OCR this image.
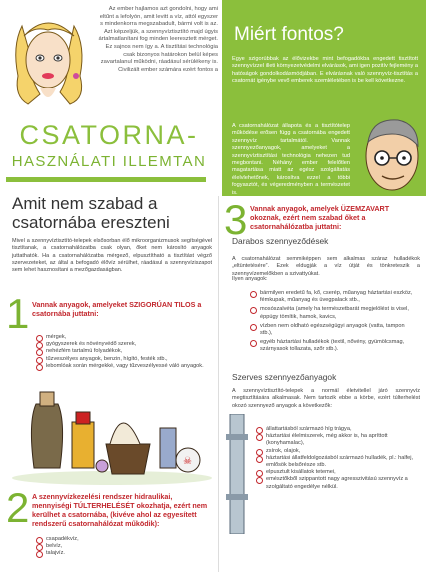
Az ember hajlamos azt gondolni, hogy ami eltűnt a lefolyón, amit levitt a víz, attól egyszer s mindenkorra megszabadult, bármi volt is az. Azt képzeljük, a szennyvíztisztító majd úgyis ártalmatlanítani fog minden leeresztett mérget. Ez sajnos nem így a. A tisztítási technológia csak bizonyos határokon belül képes zavartalanul működni, ráadásul sérülékeny is. Civilizált ember számára ezért fontos a
CSATORNA-
HASZNÁLATI ILLEMTAN
Miért fontos?
Egye szigorúbbak az élővizekbe mint befogadókba engedett tisztított szennyvízzel illeti környezetvédelmi elvárások, ami igen pozitív fejlemény a hatóságok gondolkodásmódjában. E elvárásnak való szennyvíz-tisztítás a csatornát igénybe vevő emberek szemléletében is be kell következne.
A csatornahálózat állapota és a tisztítótelep működése erősen függ a csatornába engedett szennyvíz tartalmától. Vannak szennyezőanyagok, amelyeket a szennyvíztisztítási technológia nehezen tud megbontani. Néhány ember felelőtlen magatartása miatt az egész szolgáltatás élelvlehetőnek, károsítva ezzel a többi fogyasztót, és végeredményben a természetet is.
Amit nem szabad a csatornába ereszteni
Mivel a szennyvíztisztító-telepek elsősorban élő mikroorganizmusok segítségével tisztítanak, a csatornahálózatba csak olyan, őket nem károsító anyagok juttathatók. Ha a csatornahálózatba mérgező, elpusztítható a tisztítást végző szervezeteket, az által a befogadó élővíz sérülhet, ráadásul a szennyvíziszapot sem lehet hasznosítani a mezőgazdaságban.
1 Vannak anyagok, amelyeket SZIGORÚAN TILOS a csatornába juttatni:
mérgek,
gyógyszerek és növényvédő szerek,
nehézfém tartalmú folyadékok,
tűzveszélyes anyagok, benzin, hígító, festék stb.,
lebomlóak során mérgekké, vagy tűzveszélyessé váló anyagok.
☠
2 A szennyvízkezelési rendszer hidraulikai, mennyiségi TÚLTERHELÉSÉT okozhatja, ezért nem kerülhet a csatornába, (kivéve ahol az egyesített rendszerű csatornahálózat működik):
csapadékvíz,
belvíz,
talajvíz.
3 Vannak anyagok, amelyek ÜZEMZAVART okoznak, ezért nem szabad őket a csatornahálózatba juttatni:
Darabos szennyeződések
A csatornahálózat semmiképpen sem alkalmas száraz hulladékok „eltüntetésére”. Ezek eldugják a víz útját és tönkreteszik a szennyvízemelőkben a szivattyúkat.
Ilyen anyagok:
bármilyen eredetű fa, kő, cserép, műanyag háztartási eszköz, fémkupak, műanyag és üvegpalack stb.,
mosószalvéta (amely ha természetbarát megjelölést is visel, éppúgy tömítik, hamok, kavics,
vízben nem oldható egészségügyi anyagok (vatta, tampon stb.),
egyéb háztartási hulladékok (textil, nővény, gyümölcsmag, szárnyasok tollazata, szőr stb.).
Szerves szennyezőanyagok
A szennyvíztisztító-telepek a normál életvitellel járó szennyvíz megtisztítására alkalmasak. Nem tartozik ebbe a körbe, ezért túlterhelést okozó szennyező anyagok a következők:
állattartásból származó híg trágya,
háztartási élelmiszerek, még akkor is, ha apríttott (konyhamalac),
zsírok, olajok,
háztartási állatfeldolgozásból származó hulladék, pl.: halfej, emlősök belsőrésze stb.
elpusztult kisállatok tetemei,
emésztőkből szippantott nagy agresszivitású szennyvíz a szolgáltató engedélye nélkül.
